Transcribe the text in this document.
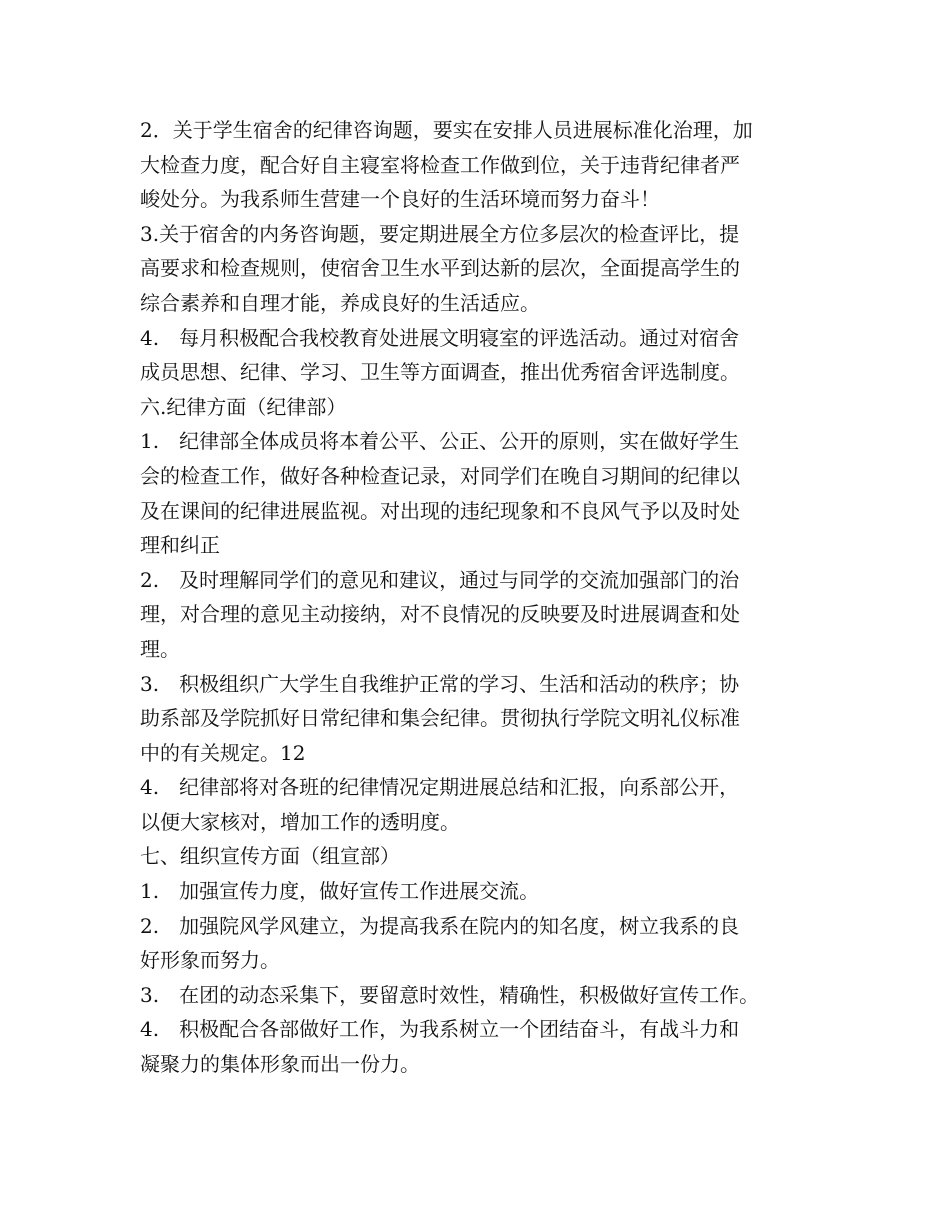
2．关于学生宿舍的纪律咨询题，要实在安排人员进展标准化治理，加
大检查力度，配合好自主寝室将检查工作做到位，关于违背纪律者严
峻处分。为我系师生营建一个良好的生活环境而努力奋斗！
3.关于宿舍的内务咨询题，要定期进展全方位多层次的检查评比，提
高要求和检查规则，使宿舍卫生水平到达新的层次，全面提高学生的
综合素养和自理才能，养成良好的生活适应。
4.　每月积极配合我校教育处进展文明寝室的评选活动。通过对宿舍
成员思想、纪律、学习、卫生等方面调查，推出优秀宿舍评选制度。
六.纪律方面（纪律部）
1.　纪律部全体成员将本着公平、公正、公开的原则，实在做好学生
会的检查工作，做好各种检查记录，对同学们在晚自习期间的纪律以
及在课间的纪律进展监视。对出现的违纪现象和不良风气予以及时处
理和纠正
2.　及时理解同学们的意见和建议，通过与同学的交流加强部门的治
理，对合理的意见主动接纳，对不良情况的反映要及时进展调查和处
理。
3.　积极组织广大学生自我维护正常的学习、生活和活动的秩序；协
助系部及学院抓好日常纪律和集会纪律。贯彻执行学院文明礼仪标准
中的有关规定。12
4.　纪律部将对各班的纪律情况定期进展总结和汇报，向系部公开，
以便大家核对，增加工作的透明度。
七、组织宣传方面（组宣部）
1.　加强宣传力度，做好宣传工作进展交流。
2.　加强院风学风建立，为提高我系在院内的知名度，树立我系的良
好形象而努力。
3.　在团的动态采集下，要留意时效性，精确性，积极做好宣传工作。
4.　积极配合各部做好工作，为我系树立一个团结奋斗，有战斗力和
凝聚力的集体形象而出一份力。
